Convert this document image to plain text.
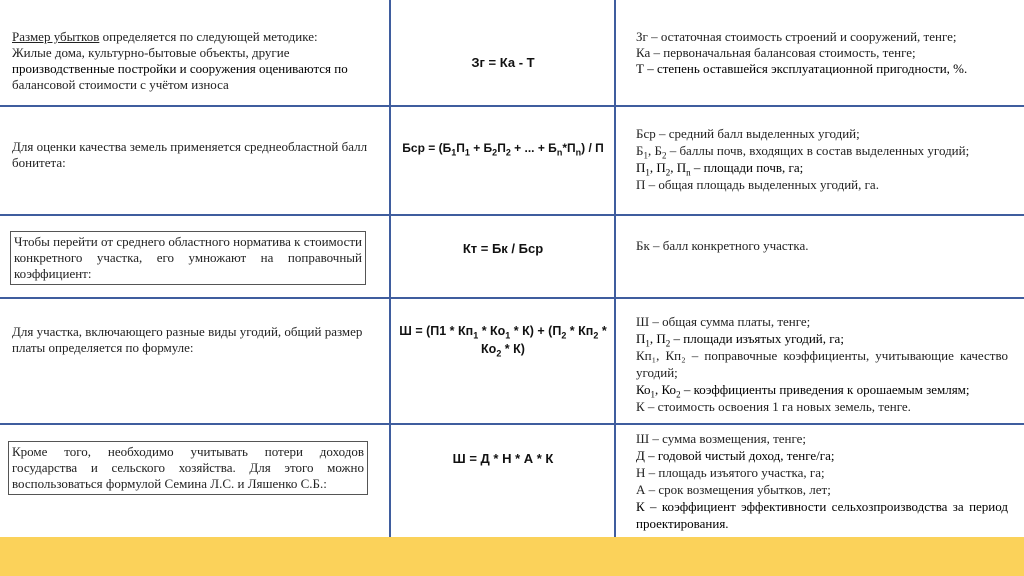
Размер убытков определяется по следующей методике:
Жилые дома, культурно-бытовые объекты, другие
производственные постройки и сооружения оцениваются по
балансовой стоимости с учётом износа
Зг = Ка - Т
Зг – остаточная стоимость строений и сооружений, тенге;
Ка – первоначальная балансовая стоимость, тенге;
Т – степень оставшейся эксплуатационной пригодности, %.
Для оценки качества земель применяется среднеобластной балл бонитета:
Бср = ($Б_1П_1 + Б_2П_2$ + ... + $Б_n*П_n$) / П
Бср – средний балл выделенных угодий;
$Б_1$, $Б_2$ – баллы почв, входящих в состав выделенных угодий;
$П_1$, $П_2$, $П_n$ – площади почв, га;
П – общая площадь выделенных угодий, га.
Чтобы перейти от среднего областного норматива к стоимости конкретного участка, его умножают на поправочный коэффициент:
Кт = Бк / Бср	Бк – балл конкретного участка.
Для участка, включающего разные виды угодий, общий размер платы определяется по формуле:
$Ш = (П1 * Кп_1 * Ко_1 * К) + (П_2 * Кп_2 * Ко_2 * К)$
Ш – общая сумма платы, тенге;
$П_1$, $П_2$ – площади изъятых угодий, га;
Кп₁, Кп₂ – поправочные коэффициенты, учитывающие качество угодий;
$Ко_1$, $Ко_2$ – коэффициенты приведения к орошаемым землям;
К – стоимость освоения 1 га новых земель, тенге.
Кроме того, необходимо учитывать потери доходов государства и сельского хозяйства. Для этого можно воспользоваться формулой Семина Л.С. и Ляшенко С.Б.:
Ш = Д * Н * А * К
Ш – сумма возмещения, тенге;
Д – годовой чистый доход, тенге/га;
Н – площадь изъятого участка, га;
А – срок возмещения убытков, лет;
К – коэффициент эффективности сельхозпроизводства за период проектирования.
